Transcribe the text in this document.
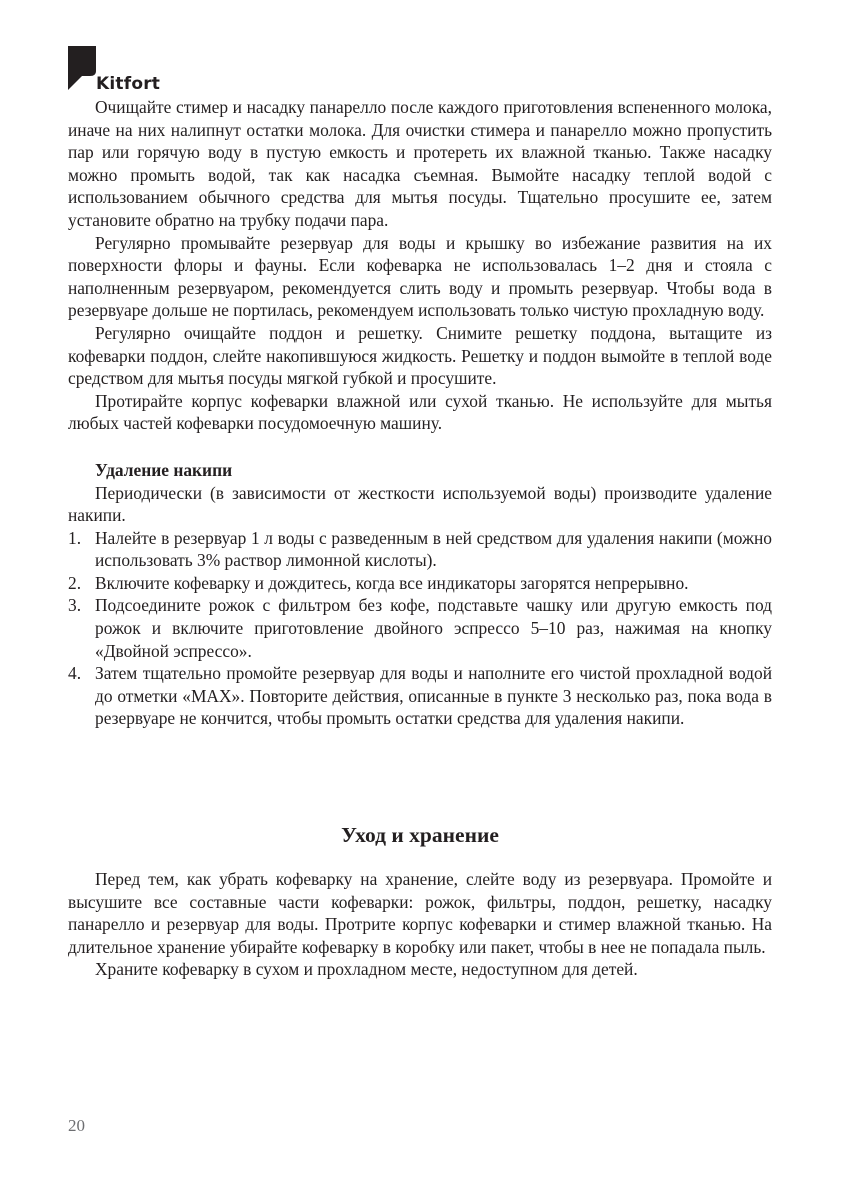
Kitfort

Очищайте стимер и насадку панарелло после каждого приготовления вспененного молока, иначе на них налипнут остатки молока. Для очистки стимера и панарелло можно пропустить пар или горячую воду в пустую емкость и протереть их влажной тканью. Также насадку можно промыть водой, так как насадка съемная. Вымойте насадку теплой водой с использованием обычного средства для мытья посуды. Тщательно просушите ее, затем установите обратно на трубку подачи пара.

Регулярно промывайте резервуар для воды и крышку во избежание развития на их поверхности флоры и фауны. Если кофеварка не использовалась 1–2 дня и стояла с наполненным резервуаром, рекомендуется слить воду и промыть резервуар. Чтобы вода в резервуаре дольше не портилась, рекомендуем использовать только чистую прохладную воду.

Регулярно очищайте поддон и решетку. Снимите решетку поддона, вытащите из кофеварки поддон, слейте накопившуюся жидкость. Решетку и поддон вымойте в теплой воде средством для мытья посуды мягкой губкой и просушите.

Протирайте корпус кофеварки влажной или сухой тканью. Не используйте для мытья любых частей кофеварки посудомоечную машину.

Удаление накипи

Периодически (в зависимости от жесткости используемой воды) производите удаление накипи.

1. Налейте в резервуар 1 л воды с разведенным в ней средством для удаления накипи (можно использовать 3% раствор лимонной кислоты).
2. Включите кофеварку и дождитесь, когда все индикаторы загорятся непрерывно.
3. Подсоедините рожок с фильтром без кофе, подставьте чашку или другую емкость под рожок и включите приготовление двойного эспрессо 5–10 раз, нажимая на кнопку «Двойной эспрессо».
4. Затем тщательно промойте резервуар для воды и наполните его чистой прохладной водой до отметки «MAX». Повторите действия, описанные в пункте 3 несколько раз, пока вода в резервуаре не кончится, чтобы промыть остатки средства для удаления накипи.
Уход и хранение

Перед тем, как убрать кофеварку на хранение, слейте воду из резервуара. Промойте и высушите все составные части кофеварки: рожок, фильтры, поддон, решетку, насадку панарелло и резервуар для воды. Протрите корпус кофеварки и стимер влажной тканью. На длительное хранение убирайте кофеварку в коробку или пакет, чтобы в нее не попадала пыль.

Храните кофеварку в сухом и прохладном месте, недоступном для детей.

20
